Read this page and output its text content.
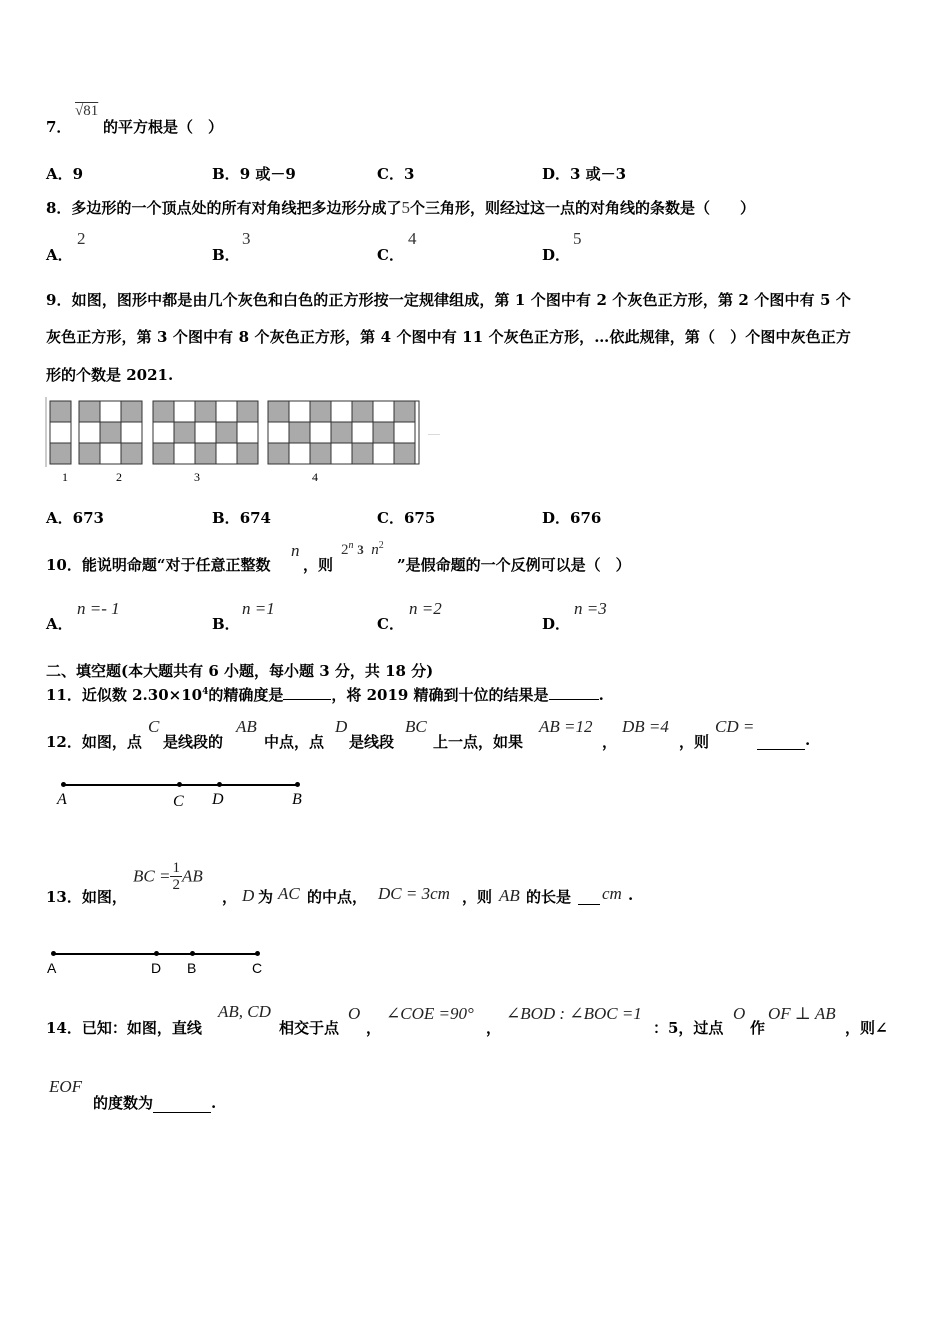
7．
√81
的平方根是（　）
A．9	B．9 或－9	C．3	D．3 或－3
8．多边形的一个顶点处的所有对角线把多边形分成了5个三角形，则经过这一点的对角线的条数是（　　）
A．
2
B．
3
C．
4
D．
5
9．如图，图形中都是由几个灰色和白色的正方形按一定规律组成，第 1 个图中有 2 个灰色正方形，第 2 个图中有 5 个
灰色正方形，第 3 个图中有 8 个灰色正方形，第 4 个图中有 11 个灰色正方形，…依此规律，第（　）个图中灰色正方
形的个数是 2021.
1	2	3	4
……
A．673	B．674	C．675	D．676
10．能说明命题“对于任意正整数
n
，则
2$^n$ 3 $n^2$
”是假命题的一个反例可以是（　）
A．
n =- 1
B．
n =1
C．
n =2
D．
n =3
二、填空题(本大题共有 6 小题，每小题 3 分，共 18 分)
11．近似数 $2.30\times 10^4$的精确度是	，将 2019 精确到十位的结果是	.
12．如图，点
C
是线段的
AB
中点，点
D
是线段
BC
上一点，如果
AB =12
，
DB =4
，则
CD =
.
A	C D	B
13．如图，
BC = $\frac{1}{2}$ AB
， D 为 AC 的中点， DC = 3cm ，则 AB 的长是
cm .
A	D B	C
14．已知：如图，直线
AB, CD
相交于点
O
，
∠COE =90°
，
∠BOD : ∠BOC =1
：5，过点
O
作
OF ⊥ AB
，则∠
EOF
的度数为	.
